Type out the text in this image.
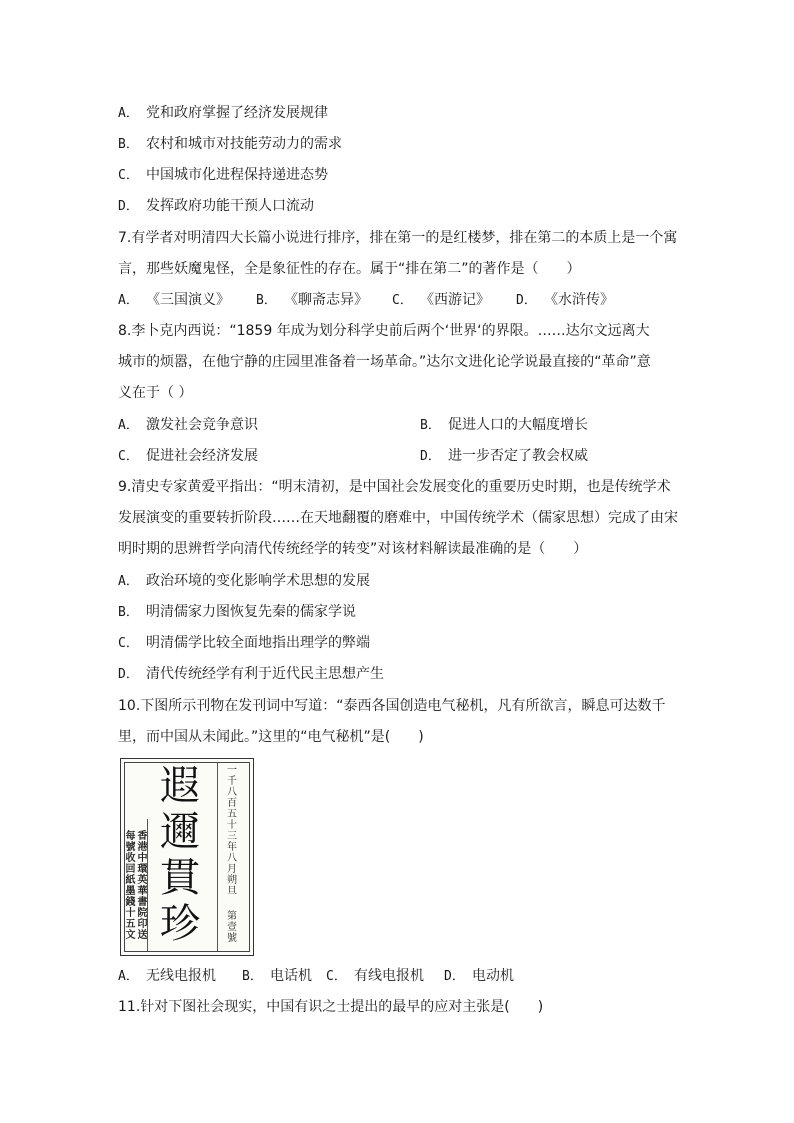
A． 党和政府掌握了经济发展规律
B． 农村和城市对技能劳动力的需求
C． 中国城市化进程保持递进态势
D． 发挥政府功能干预人口流动
7.有学者对明清四大长篇小说进行排序，排在第一的是红楼梦，排在第二的本质上是一个寓
言，那些妖魔鬼怪，全是象征性的存在。属于“排在第二”的著作是（　　）
A． 《三国演义》 B． 《聊斋志异》 C． 《西游记》 D． 《水浒传》
8.李卜克内西说：“1859 年成为划分科学史前后两个‘世界‘的界限。……达尔文远离大
城市的烦嚣，在他宁静的庄园里准备着一场革命。”达尔文进化论学说最直接的“革命”意
义在于（ ）
A． 激发社会竞争意识	B． 促进人口的大幅度增长
C． 促进社会经济发展	D． 进一步否定了教会权威
9.清史专家黄爱平指出：“明末清初，是中国社会发展变化的重要历史时期，也是传统学术
发展演变的重要转折阶段……在天地翻覆的磨难中，中国传统学术（儒家思想）完成了由宋
明时期的思辨哲学向清代传统经学的转变”对该材料解读最准确的是（　　）
A． 政治环境的变化影响学术思想的发展
B． 明清儒家力图恢复先秦的儒家学说
C． 明清儒学比较全面地指出理学的弊端
D． 清代传统经学有利于近代民主思想产生
10.下图所示刊物在发刊词中写道：“泰西各国创造电气秘机，凡有所欲言，瞬息可达数千
里，而中国从未闻此。”这里的“电气秘机”是(　　)
遐
邇
貫
珍
一千八百五十三年八月朔旦
第壹號
香港中環英華書院印送
每號收回紙墨錢十五文
A． 无线电报机 B． 电话机 C． 有线电报机 D． 电动机
11.针对下图社会现实，中国有识之士提出的最早的应对主张是(　　)
